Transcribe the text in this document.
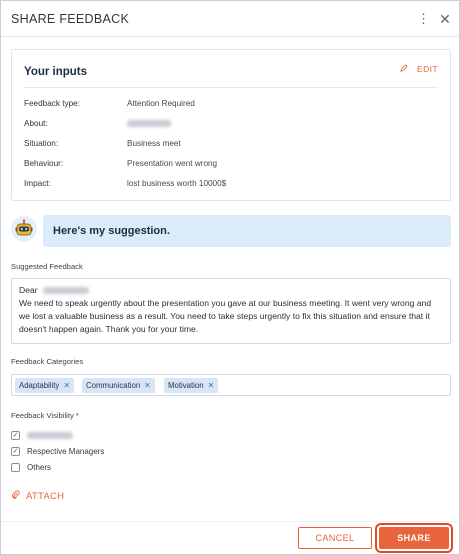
SHARE FEEDBACK	⋮ ✕
Your inputs	EDIT
Feedback type:	Attention Required
About:
Situation:	Business meet
Behaviour:	Presentation went wrong
Impact:	lost business worth 10000$
Here's my suggestion.
Suggested Feedback
Dear
We need to speak urgently about the presentation you gave at our business meeting. It went very wrong and we lost a valuable business as a result. You need to take steps urgently to fix this situation and ensure that it doesn't happen again. Thank you for your time.
Feedback Categories
Adaptability ✕	Communication ✕	Motivation ✕
Feedback Visibility *
✓
✓ Respective Managers
Others
ATTACH
CANCEL	SHARE
